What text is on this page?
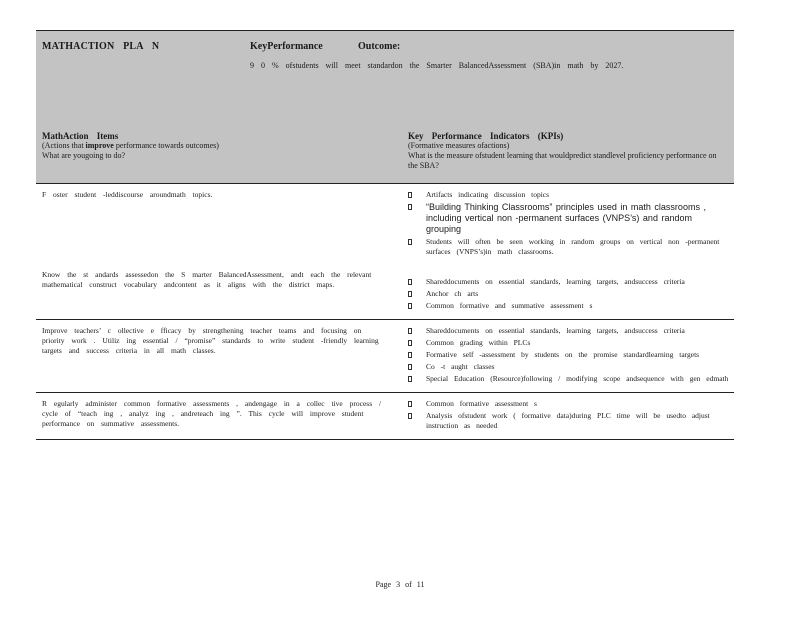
MATHACTION PLA N	KeyPerformance	Outcome:
9 0 % ofstudents will meet standardon the Smarter BalancedAssessment (SBA)in math by 2027.
MathAction Items
(Actions that improve performance towards outcomes)
What are yougoing to do?
Key Performance Indicators (KPIs)
(Formative measures ofactions)
What is the measure ofstudent learning that wouldpredict standlevel proficiency performance on the SBA?
F oster student -leddiscourse aroundmath topics.
Know the st andards assessedon the S marter BalancedAssessment, andt each the relevant mathematical construct vocabulary andcontent as it aligns with the district maps.
Artifacts indicating discussion topics
“Building Thinking Classrooms” principles used in math classrooms , including vertical non -permanent surfaces (VNPS’s) and random grouping
Students will often be seen working in random groups on vertical non -permanent surfaces (VNPS’s)in math classrooms.
Shareddocuments on essential standards, learning targets, andsuccess criteria
Anchor ch arts
Common formative and summative assessment s
Improve teachers’ c ollective e fficacy by strengthening teacher teams and focusing on priority work . Utiliz ing essential / “promise” standards to write student -friendly learning targets and success criteria in all math classes.
Shareddocuments on essential standards, learning targets, andsuccess criteria
Common grading within PLCs
Formative self -assessment by students on the promise standardlearning targets
Co -t aught classes
Special Education (Resource)following / modifying scope andsequence with gen edmath
R egularly administer common formative assessments , andengage in a collec tive process / cycle of “teach ing , analyz ing , andreteach ing ”. This cycle will improve student performance on summative assessments.
Common formative assessment s
Analysis ofstudent work ( formative data)during PLC time will be usedto adjust instruction as needed
Page 3 of 11
